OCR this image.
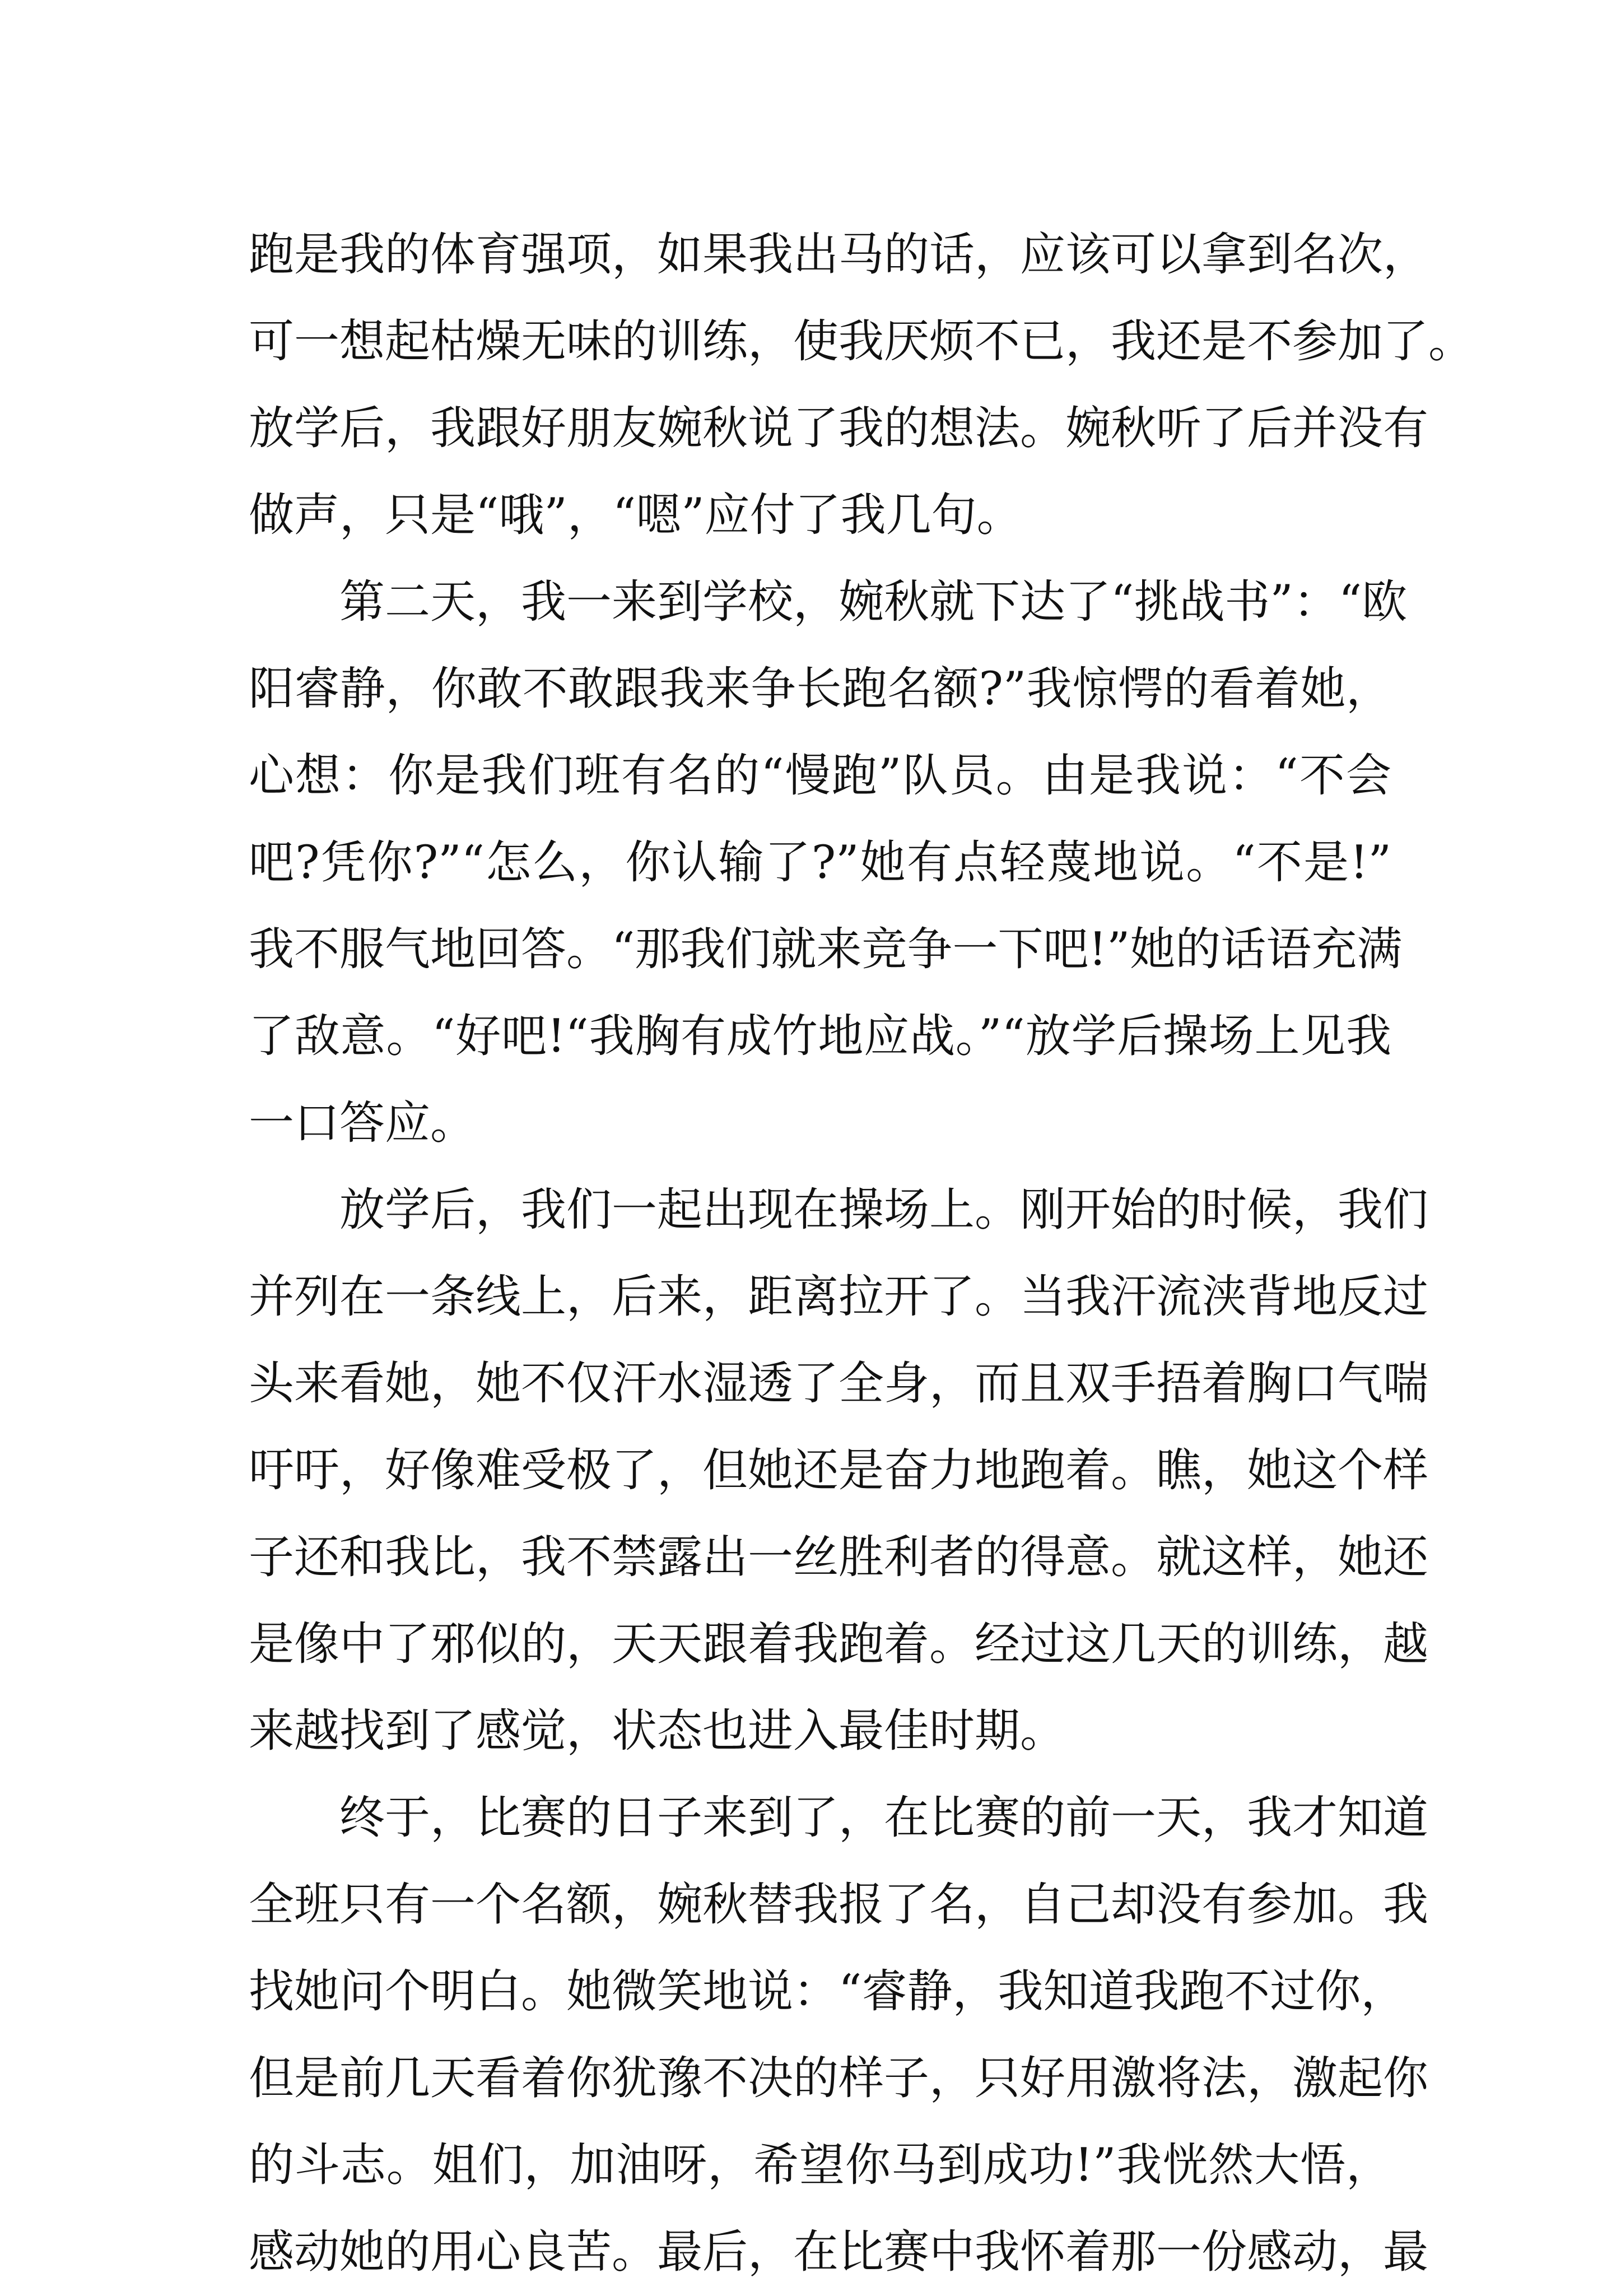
跑是我的体育强项，如果我出马的话，应该可以拿到名次，
可一想起枯燥无味的训练，使我厌烦不已，我还是不参加了。
放学后，我跟好朋友婉秋说了我的想法。婉秋听了后并没有
做声，只是“哦”，“嗯”应付了我几句。
第二天，我一来到学校，婉秋就下达了“挑战书”：“欧
阳睿静，你敢不敢跟我来争长跑名额?”我惊愕的看着她，
心想：你是我们班有名的“慢跑”队员。由是我说：“不会
吧?凭你?”“怎么，你认输了?”她有点轻蔑地说。“不是!”
我不服气地回答。“那我们就来竞争一下吧!”她的话语充满
了敌意。“好吧!“我胸有成竹地应战。”“放学后操场上见我
一口答应。
放学后，我们一起出现在操场上。刚开始的时候，我们
并列在一条线上，后来，距离拉开了。当我汗流浃背地反过
头来看她，她不仅汗水湿透了全身，而且双手捂着胸口气喘
吁吁，好像难受极了，但她还是奋力地跑着。瞧，她这个样
子还和我比，我不禁露出一丝胜利者的得意。就这样，她还
是像中了邪似的，天天跟着我跑着。经过这几天的训练，越
来越找到了感觉，状态也进入最佳时期。
终于，比赛的日子来到了，在比赛的前一天，我才知道
全班只有一个名额，婉秋替我报了名，自己却没有参加。我
找她问个明白。她微笑地说：“睿静，我知道我跑不过你，
但是前几天看着你犹豫不决的样子，只好用激将法，激起你
的斗志。姐们，加油呀，希望你马到成功!”我恍然大悟，
感动她的用心良苦。最后，在比赛中我怀着那一份感动，最
